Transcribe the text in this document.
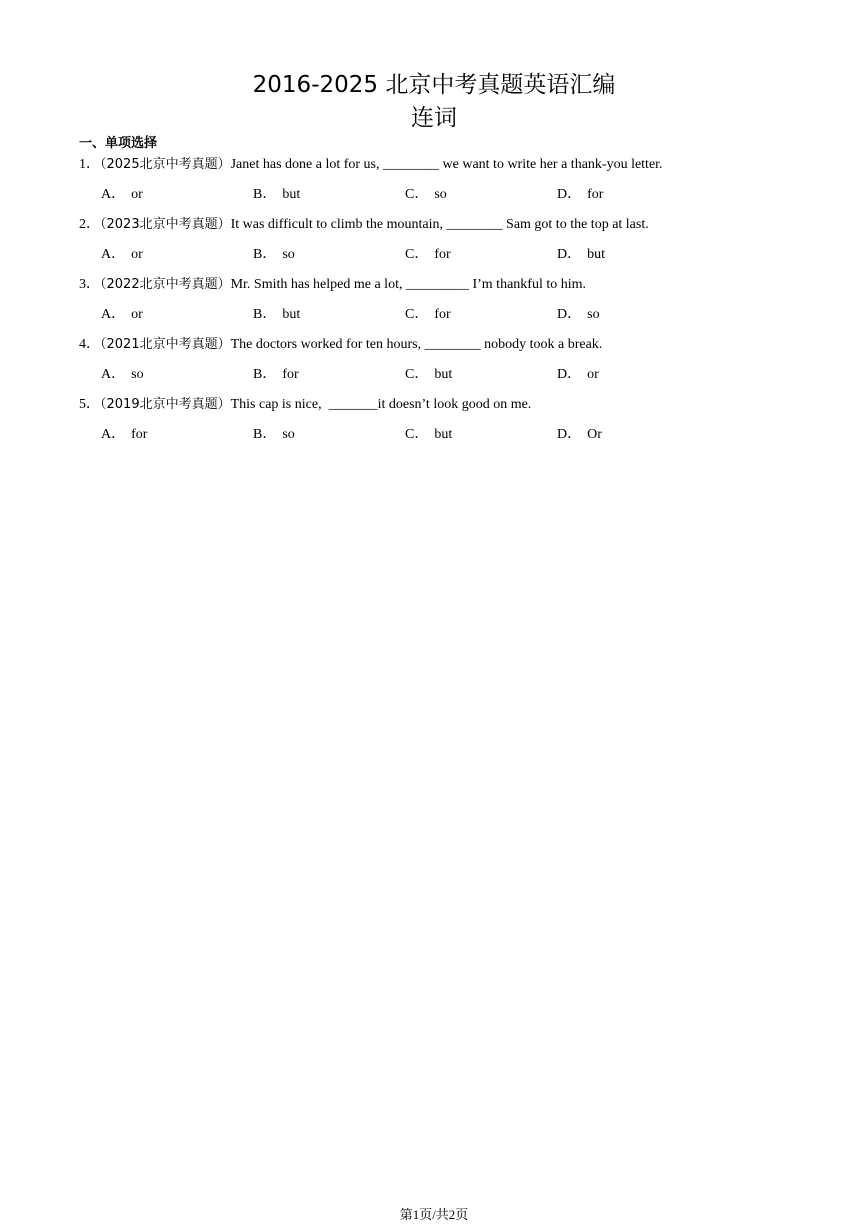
2016-2025 北京中考真题英语汇编
连词
一、单项选择
1．（2025北京中考真题）Janet has done a lot for us, ________ we want to write her a thank-you letter.
A． or	B． but	C． so	D． for
2．（2023北京中考真题）It was difficult to climb the mountain, ________ Sam got to the top at last.
A． or	B． so	C． for	D． but
3．（2022北京中考真题）Mr. Smith has helped me a lot, _________ I’m thankful to him.
A． or	B． but	C． for	D． so
4．（2021北京中考真题）The doctors worked for ten hours, ________ nobody took a break.
A． so	B． for	C． but	D． or
5．（2019北京中考真题）This cap is nice,  _______it doesn’t look good on me.
A． for	B． so	C． but	D． Or
第1页/共2页
